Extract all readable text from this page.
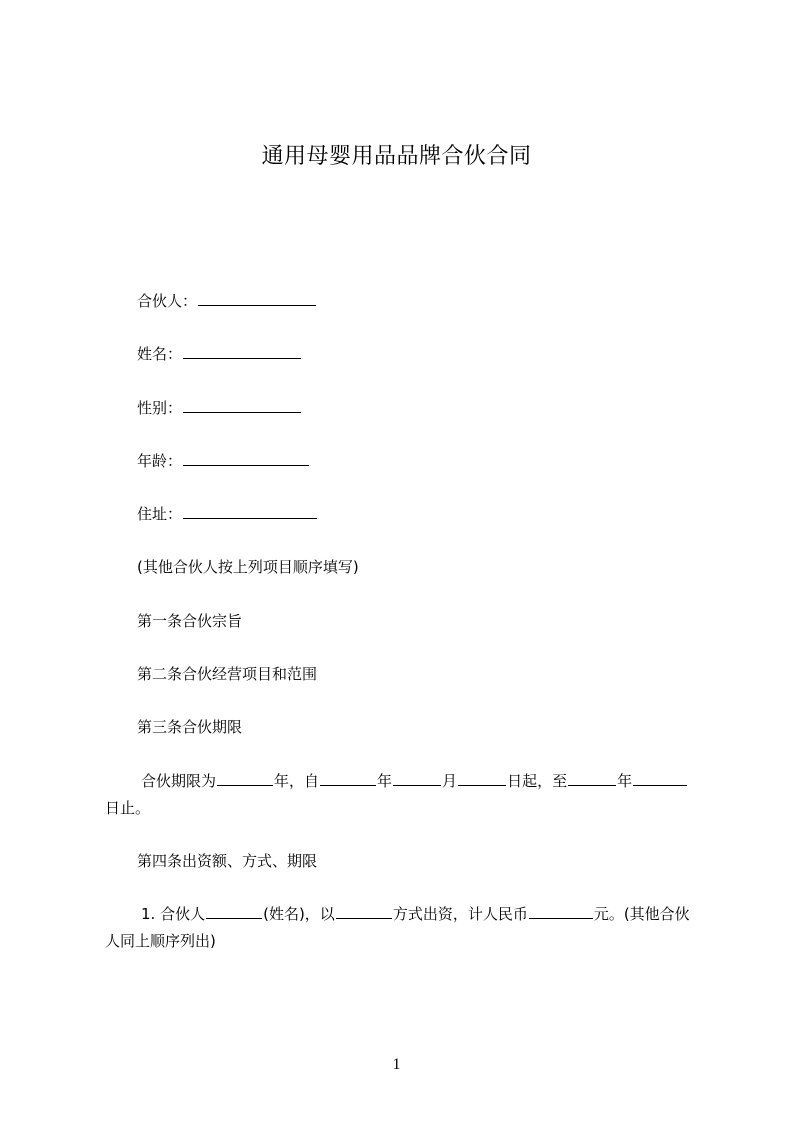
通用母婴用品品牌合伙合同
合伙人：
姓名：
性别：
年龄：
住址：
(其他合伙人按上列项目顺序填写)
第一条合伙宗旨
第二条合伙经营项目和范围
第三条合伙期限
合伙期限为	年，自	年	月	日起，至	年
日止。
第四条出资额、方式、期限
1. 合伙人	(姓名)，以	方式出资，计人民币	元。(其他合伙
人同上顺序列出)
1
